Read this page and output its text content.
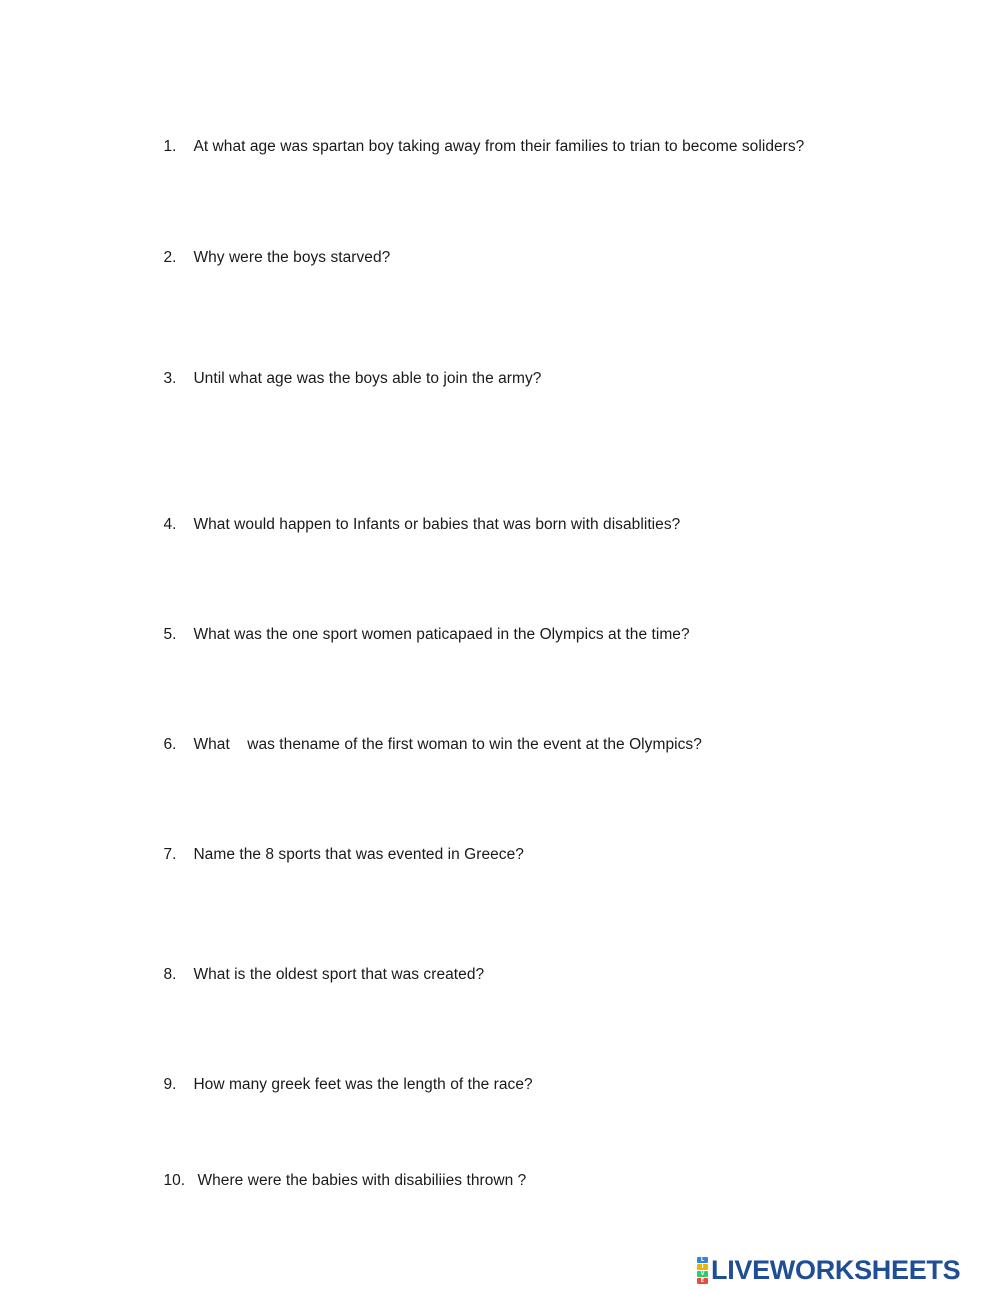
1. At what age was spartan boy taking away from their families to trian to become soliders?

2. Why were the boys starved?

3. Until what age was the boys able to join the army?

4. What would happen to Infants or babies that was born with disablities?

5. What was the one sport women paticapaed in the Olympics at the time?

6. What    was thename of the first woman to win the event at the Olympics?

7. Name the 8 sports that was evented in Greece?

8. What is the oldest sport that was created?

9. How many greek feet was the length of the race?

10. Where were the babies with disabiliies thrown ?

L
I
V
E LIVEWORKSHEETS
